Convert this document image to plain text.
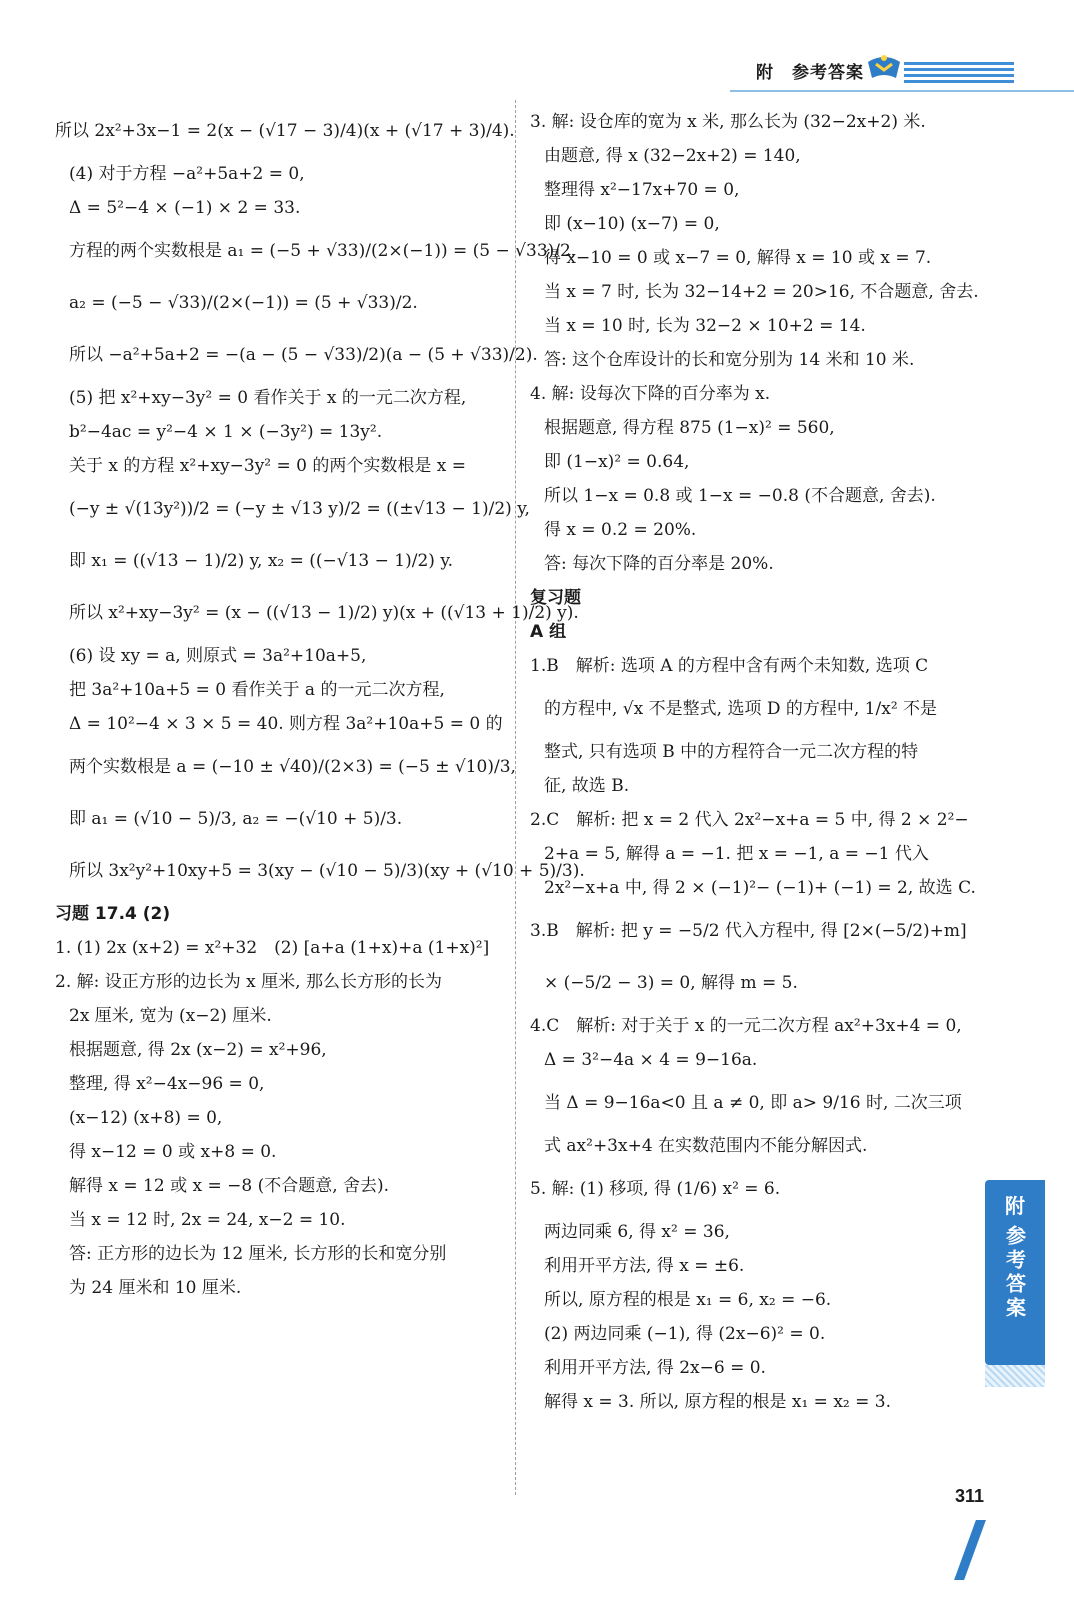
附　参考答案
所以 2x²+3x−1 = 2(x − (√17 − 3)/4)(x + (√17 + 3)/4).
(4) 对于方程 −a²+5a+2 = 0,
Δ = 5²−4 × (−1) × 2 = 33.
方程的两个实数根是 a₁ = (−5 + √33)/(2×(−1)) = (5 − √33)/2,
a₂ = (−5 − √33)/(2×(−1)) = (5 + √33)/2.
所以 −a²+5a+2 = −(a − (5 − √33)/2)(a − (5 + √33)/2).
(5) 把 x²+xy−3y² = 0 看作关于 x 的一元二次方程,
b²−4ac = y²−4 × 1 × (−3y²) = 13y².
关于 x 的方程 x²+xy−3y² = 0 的两个实数根是 x =
(−y ± √(13y²))/2 = (−y ± √13 y)/2 = ((±√13 − 1)/2) y,
即 x₁ = ((√13 − 1)/2) y, x₂ = ((−√13 − 1)/2) y.
所以 x²+xy−3y² = (x − ((√13 − 1)/2) y)(x + ((√13 + 1)/2) y).
(6) 设 xy = a, 则原式 = 3a²+10a+5,
把 3a²+10a+5 = 0 看作关于 a 的一元二次方程,
Δ = 10²−4 × 3 × 5 = 40. 则方程 3a²+10a+5 = 0 的
两个实数根是 a = (−10 ± √40)/(2×3) = (−5 ± √10)/3,
即 a₁ = (√10 − 5)/3, a₂ = −(√10 + 5)/3.
所以 3x²y²+10xy+5 = 3(xy − (√10 − 5)/3)(xy + (√10 + 5)/3).
习题 17.4 (2)
1. (1) 2x (x+2) = x²+32　(2) [a+a (1+x)+a (1+x)²]
2. 解: 设正方形的边长为 x 厘米, 那么长方形的长为
2x 厘米, 宽为 (x−2) 厘米.
根据题意, 得 2x (x−2) = x²+96,
整理, 得 x²−4x−96 = 0,
(x−12) (x+8) = 0,
得 x−12 = 0 或 x+8 = 0.
解得 x = 12 或 x = −8 (不合题意, 舍去).
当 x = 12 时, 2x = 24, x−2 = 10.
答: 正方形的边长为 12 厘米, 长方形的长和宽分别
为 24 厘米和 10 厘米.
3. 解: 设仓库的宽为 x 米, 那么长为 (32−2x+2) 米.
由题意, 得 x (32−2x+2) = 140,
整理得 x²−17x+70 = 0,
即 (x−10) (x−7) = 0,
得 x−10 = 0 或 x−7 = 0, 解得 x = 10 或 x = 7.
当 x = 7 时, 长为 32−14+2 = 20>16, 不合题意, 舍去.
当 x = 10 时, 长为 32−2 × 10+2 = 14.
答: 这个仓库设计的长和宽分别为 14 米和 10 米.
4. 解: 设每次下降的百分率为 x.
根据题意, 得方程 875 (1−x)² = 560,
即 (1−x)² = 0.64,
所以 1−x = 0.8 或 1−x = −0.8 (不合题意, 舍去).
得 x = 0.2 = 20%.
答: 每次下降的百分率是 20%.
复习题
A 组
1.B　解析: 选项 A 的方程中含有两个未知数, 选项 C
的方程中, √x 不是整式, 选项 D 的方程中, 1/x² 不是
整式, 只有选项 B 中的方程符合一元二次方程的特
征, 故选 B.
2.C　解析: 把 x = 2 代入 2x²−x+a = 5 中, 得 2 × 2²−
2+a = 5, 解得 a = −1. 把 x = −1, a = −1 代入
2x²−x+a 中, 得 2 × (−1)²− (−1)+ (−1) = 2, 故选 C.
3.B　解析: 把 y = −5/2 代入方程中, 得 [2×(−5/2)+m]
× (−5/2 − 3) = 0, 解得 m = 5.
4.C　解析: 对于关于 x 的一元二次方程 ax²+3x+4 = 0,
Δ = 3²−4a × 4 = 9−16a.
当 Δ = 9−16a<0 且 a ≠ 0, 即 a> 9/16 时, 二次三项
式 ax²+3x+4 在实数范围内不能分解因式.
5. 解: (1) 移项, 得 (1/6) x² = 6.
两边同乘 6, 得 x² = 36,
利用开平方法, 得 x = ±6.
所以, 原方程的根是 x₁ = 6, x₂ = −6.
(2) 两边同乘 (−1), 得 (2x−6)² = 0.
利用开平方法, 得 2x−6 = 0.
解得 x = 3. 所以, 原方程的根是 x₁ = x₂ = 3.
附
参考答案
311
